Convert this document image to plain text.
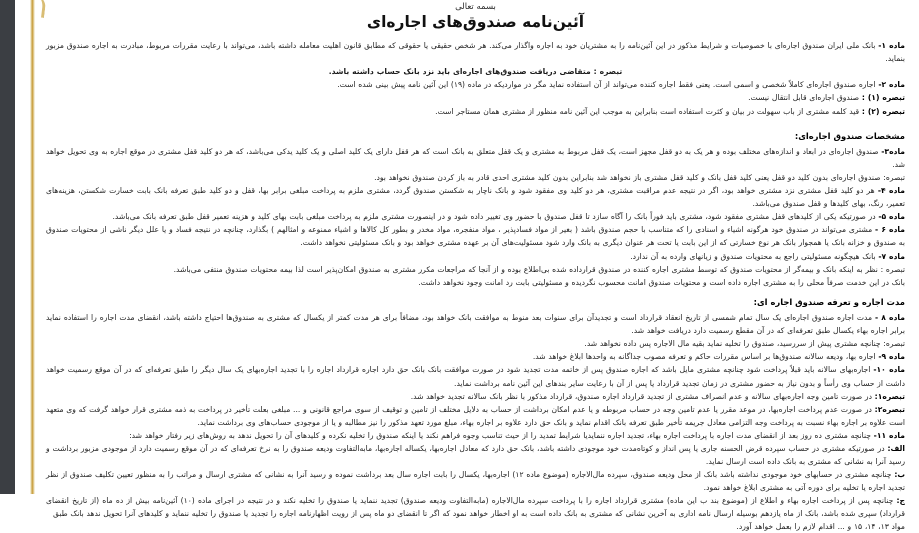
بسمه تعالی
آئین‌نامه صندوق‌های اجاره‌ای

ماده ۱- بانک ملی ایران صندوق اجاره‌ای با خصوصیات و شرایط مذکور در این آئین‌نامه را به مشتریان خود به اجاره واگذار می‌کند. هر شخص حقیقی یا حقوقی که مطابق قانون اهلیت معامله داشته باشد، می‌تواند با رعایت مقررات مربوط، مبادرت به اجاره صندوق مزبور بنماید.

تبصره : متقاضی دریافت صندوق‌های اجاره‌ای باید نزد بانک حساب داشته باشد.

ماده ۲- اجاره صندوق اجاره‌ای کاملاً شخصی و اسمی است. یعنی فقط اجاره کننده می‌تواند از آن استفاده نماید مگر در مواردیکه در ماده (۱۹) این آئین نامه پیش بینی شده است.

تبصره (۱) : صندوق اجاره‌ای قابل انتقال نیست.

تبصره (۲) : قید کلمه مشتری از باب سهولت در بیان و کثرت استفاده است بنابراین به موجب این آئین نامه منظور از مشتری همان مستاجر است.

مشخصات صندوق اجاره‌ای:

ماده۳- صندوق اجاره‌ای در ابعاد و اندازه‌های مختلف بوده و هر یک به دو قفل مجهز است، یک قفل مربوط به مشتری و یک قفل متعلق به بانک است که هر قفل دارای یک کلید اصلی و یک کلید یدکی می‌باشد، که هر دو کلید قفل مشتری در موقع اجاره به وی تحویل خواهد شد.

تبصره: صندوق اجاره‌ای بدون کلید دو قفل یعنی کلید قفل بانک و کلید قفل مشتری باز نخواهد شد بنابراین بدون کلید مشتری احدی قادر به باز کردن صندوق نخواهد بود.

ماده ۴- هر دو کلید قفل مشتری نزد مشتری خواهد بود، اگر در نتیجه عدم مراقبت مشتری، هر دو کلید وی مفقود شود و بانک ناچار به شکستن صندوق گردد، مشتری ملزم به پرداخت مبلغی برابر بها، قفل و دو کلید طبق تعرفه بانک بابت خسارت شکستن، هزینه‌های تعمیر، رنگ، بهای کلیدها و قفل صندوق می‌باشد.

ماده ۵- در صورتیکه یکی از کلیدهای قفل مشتری مفقود شود، مشتری باید فوراً بانک را آگاه سازد تا قفل صندوق با حضور وی تغییر داده شود و در اینصورت مشتری ملزم به پرداخت مبلغی بابت بهای کلید و هزینه تعمیر قفل طبق تعرفه بانک می‌باشد.

ماده ۶ - مشتری می‌تواند در صندوق خود هرگونه اشیاء و اسنادی را که متناسب با حجم صندوق باشد ( بغیر از مواد فسادپذیر ، مواد منفجره، مواد مخدر و بطور کل کالاها و اشیاء ممنوعه و امثالهم ) بگذارد، چنانچه در نتیجه فساد و یا علل دیگر ناشی از محتویات صندوق به صندوق و خزانه بانک یا همجوار بانک هر نوع خسارتی که از این بابت یا تحت هر عنوان دیگری به بانک وارد شود مسئولیت‌های آن بر عهده مشتری خواهد بود و بانک مسئولیتی نخواهد داشت.

ماده ۷- بانک هیچگونه مسئولیتی راجع به محتویات صندوق و زیانهای وارده به آن ندارد.

تبصره : نظر به اینکه بانک و بیمه‌گر از محتویات صندوق که توسط مشتری اجاره کننده در صندوق قرارداده شده بی‌اطلاع بوده و از آنجا که مراجعات مکرر مشتری به صندوق امکان‌پذیر است لذا بیمه محتویات صندوق منتفی می‌باشد.

بانک در این خدمت صرفاً محلی را به مشتری اجاره داده است و محتویات صندوق امانت محسوب نگردیده و مسئولیتی بابت رد امانت وجود نخواهد داشت.

مدت اجاره و تعرفه صندوق اجاره ای:

ماده ۸ - مدت اجاره صندوق اجاره‌ای یک سال تمام شمسی از تاریخ انعقاد قرارداد است و تجدیدآن برای سنوات بعد منوط به موافقت بانک خواهد بود، مضافاً برای هر مدت کمتر از یکسال که مشتری به صندوق‌ها احتیاج داشته باشد، انقضای مدت اجاره را استفاده نماید برابر اجاره بهاء یکسال طبق تعرفه‌ای که در آن مقطع رسمیت دارد دریافت خواهد شد.

تبصره: چنانچه مشتری پیش از سررسید، صندوق را تخلیه نماید بقیه مال الاجاره پس داده نخواهد شد.

ماده ۹- اجاره بها، ودیعه سالانه صندوق‌ها بر اساس مقررات حاکم و تعرفه مصوب جداگانه به واحدها ابلاغ خواهد شد.

ماده ۱۰- اجاره‌بهای سالانه باید قبلاً پرداخت شود چنانچه مشتری مایل باشد که اجاره صندوق پس از خاتمه مدت تجدید شود در صورت موافقت بانک بانک حق دارد اجاره قرارداد اجاره را با تجدید اجاره‌بهای یک سال دیگر را طبق تعرفه‌ای که در آن موقع رسمیت خواهد داشت از حساب وی رأساً و بدون نیاز به حضور مشتری در زمان تجدید قرارداد یا پس از آن با رعایت سایر بندهای این آئین نامه برداشت نماید.

تبصره۱: در صورت تامین وجه اجاره‌بهای سالانه و عدم انصراف مشتری از تجدید قرارداد اجاره صندوق، قرارداد مذکور با نظر بانک سالانه تجدید خواهد شد.

تبصره۲: در صورت عدم پرداخت اجاره‌بها، در موعد مقرر یا عدم تامین وجه در حساب مربوطه و یا عدم امکان برداشت از حساب به دلایل مختلف از تامین و توقیف از سوی مراجع قانونی و ... مبلغی بعلت تأخیر در پرداخت به ذمه مشتری قرار خواهد گرفت که وی متعهد است علاوه بر اجاره بهاء نسبت به پرداخت وجه التزامی معادل جریمه تأخیر طبق تعرفه بانک اقدام نماید و بانک حق دارد علاوه بر اجاره بهاء، مبلغ مورد تعهد مذکور را نیز مطالبه و یا از موجودی حساب‌های وی برداشت نماید.

ماده ۱۱- چنانچه مشتری ده روز بعد از انقضای مدت اجاره با پرداخت اجاره بهاء، تجدید اجاره ننمایدیا شرایط تمدید را از حیث تناسب وجوه فراهم نکند یا اینکه صندوق را تخلیه نکرده و کلیدهای آن را تحویل ندهد به روش‌های زیر رفتار خواهد شد:

الف: در صورتیکه مشتری در حساب سپرده قرض الحسنه جاری یا پس انداز و کوتاه‌مدت خود موجودی داشته باشد، بانک حق دارد که معادل اجاره‌بها، یکساله اجاره‌بها، مابه‌التفاوت ودیعه صندوق را به نرخ تعرفه‌ای که در آن موقع رسمیت دارد از موجودی مزبور برداشت و رسید آنرا به نشانی که مشتری به بانک داده است ارسال نماید.

ب: چنانچه مشتری در حسابهای خود موجودی نداشته باشد بانک از محل ودیعه صندوق، سپرده مال‌الاجاره (موضوع ماده ۱۲) اجاره‌بها، یکسال را بابت اجاره سال بعد برداشت نموده و رسید آنرا به نشانی که مشتری ارسال و مراتب را به منظور تعیین تکلیف صندوق از نظر تجدید اجاره یا تخلیه برای دوره آتی به مشتری ابلاغ خواهد نمود.

ج: چنانچه پس از پرداخت اجاره بهاء و اطلاع از (موضوع بند ب این ماده) مشتری قرارداد اجاره را با پرداخت سپرده مال‌الاجاره (مابه‌التفاوت ودیعه صندوق) تجدید ننماید یا صندوق را تخلیه نکند و در نتیجه در اجرای ماده (۱۰) آئین‌نامه بیش از ده ماه (از تاریخ انقضای قرارداد) سپری شده باشد، بانک از ماه یازدهم بوسیله ارسال نامه اداری به آخرین نشانی که مشتری به بانک داده است به او اخطار خواهد نمود که اگر تا انقضای دو ماه پس از رویت اظهارنامه اجاره را تجدید یا صندوق را تخلیه ننماید و کلیدهای آنرا تحویل ندهد بانک طبق

مواد ۱۳، ۱۴، ۱۵ و ... اقدام لازم را بعمل خواهد آورد.
